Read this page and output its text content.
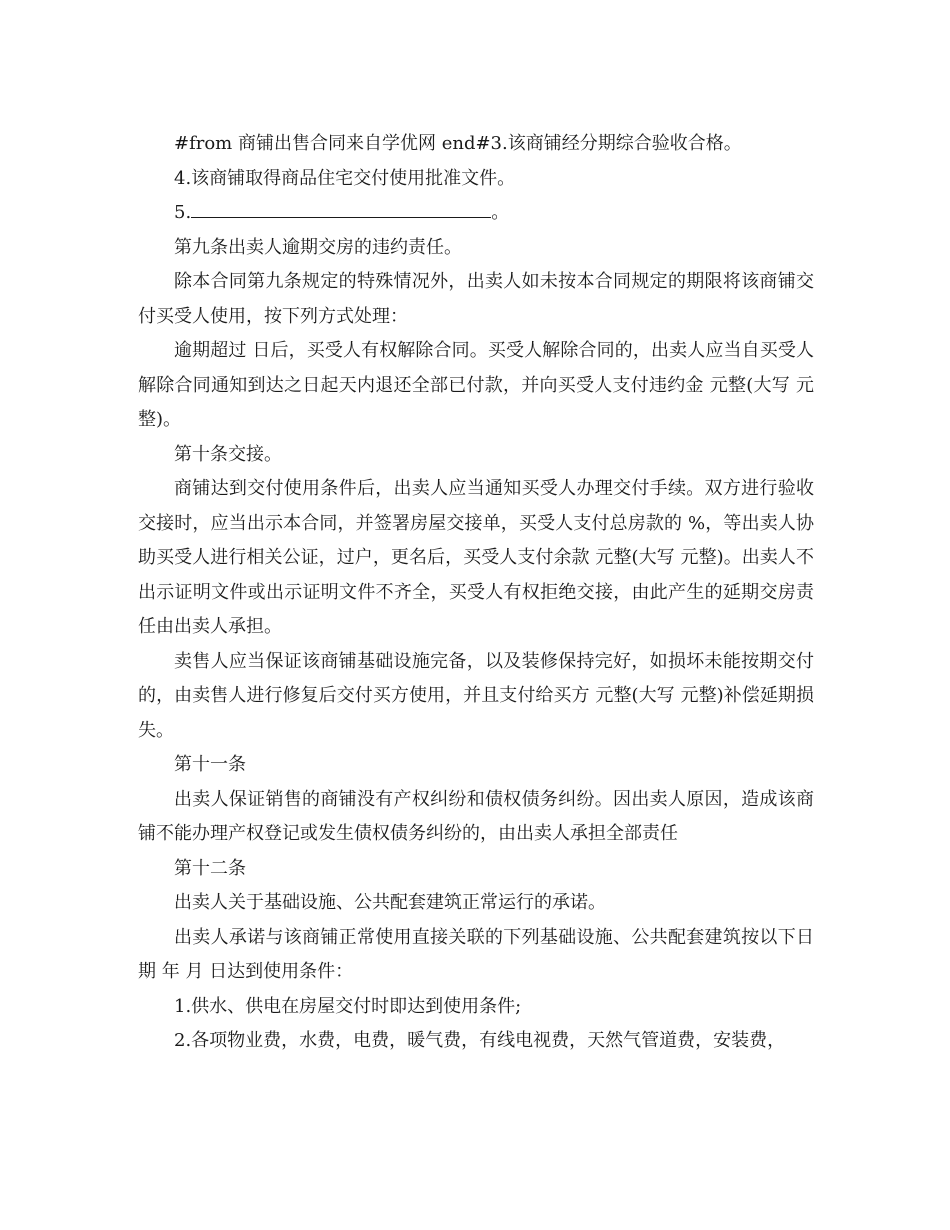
#from 商铺出售合同来自学优网 end#3.该商铺经分期综合验收合格。

4.该商铺取得商品住宅交付使用批准文件。

5.	。

第九条出卖人逾期交房的违约责任。

除本合同第九条规定的特殊情况外，出卖人如未按本合同规定的期限将该商铺交付买受人使用，按下列方式处理：

逾期超过 日后，买受人有权解除合同。买受人解除合同的，出卖人应当自买受人解除合同通知到达之日起天内退还全部已付款，并向买受人支付违约金 元整(大写 元整)。

第十条交接。

商铺达到交付使用条件后，出卖人应当通知买受人办理交付手续。双方进行验收交接时，应当出示本合同，并签署房屋交接单，买受人支付总房款的 %，等出卖人协助买受人进行相关公证，过户，更名后，买受人支付余款 元整(大写 元整)。出卖人不出示证明文件或出示证明文件不齐全，买受人有权拒绝交接，由此产生的延期交房责任由出卖人承担。

卖售人应当保证该商铺基础设施完备，以及装修保持完好，如损坏未能按期交付的，由卖售人进行修复后交付买方使用，并且支付给买方 元整(大写 元整)补偿延期损失。

第十一条

出卖人保证销售的商铺没有产权纠纷和债权债务纠纷。因出卖人原因，造成该商铺不能办理产权登记或发生债权债务纠纷的，由出卖人承担全部责任

第十二条

出卖人关于基础设施、公共配套建筑正常运行的承诺。

出卖人承诺与该商铺正常使用直接关联的下列基础设施、公共配套建筑按以下日期 年 月 日达到使用条件：

1.供水、供电在房屋交付时即达到使用条件;

2.各项物业费，水费，电费，暖气费，有线电视费，天然气管道费，安装费，
